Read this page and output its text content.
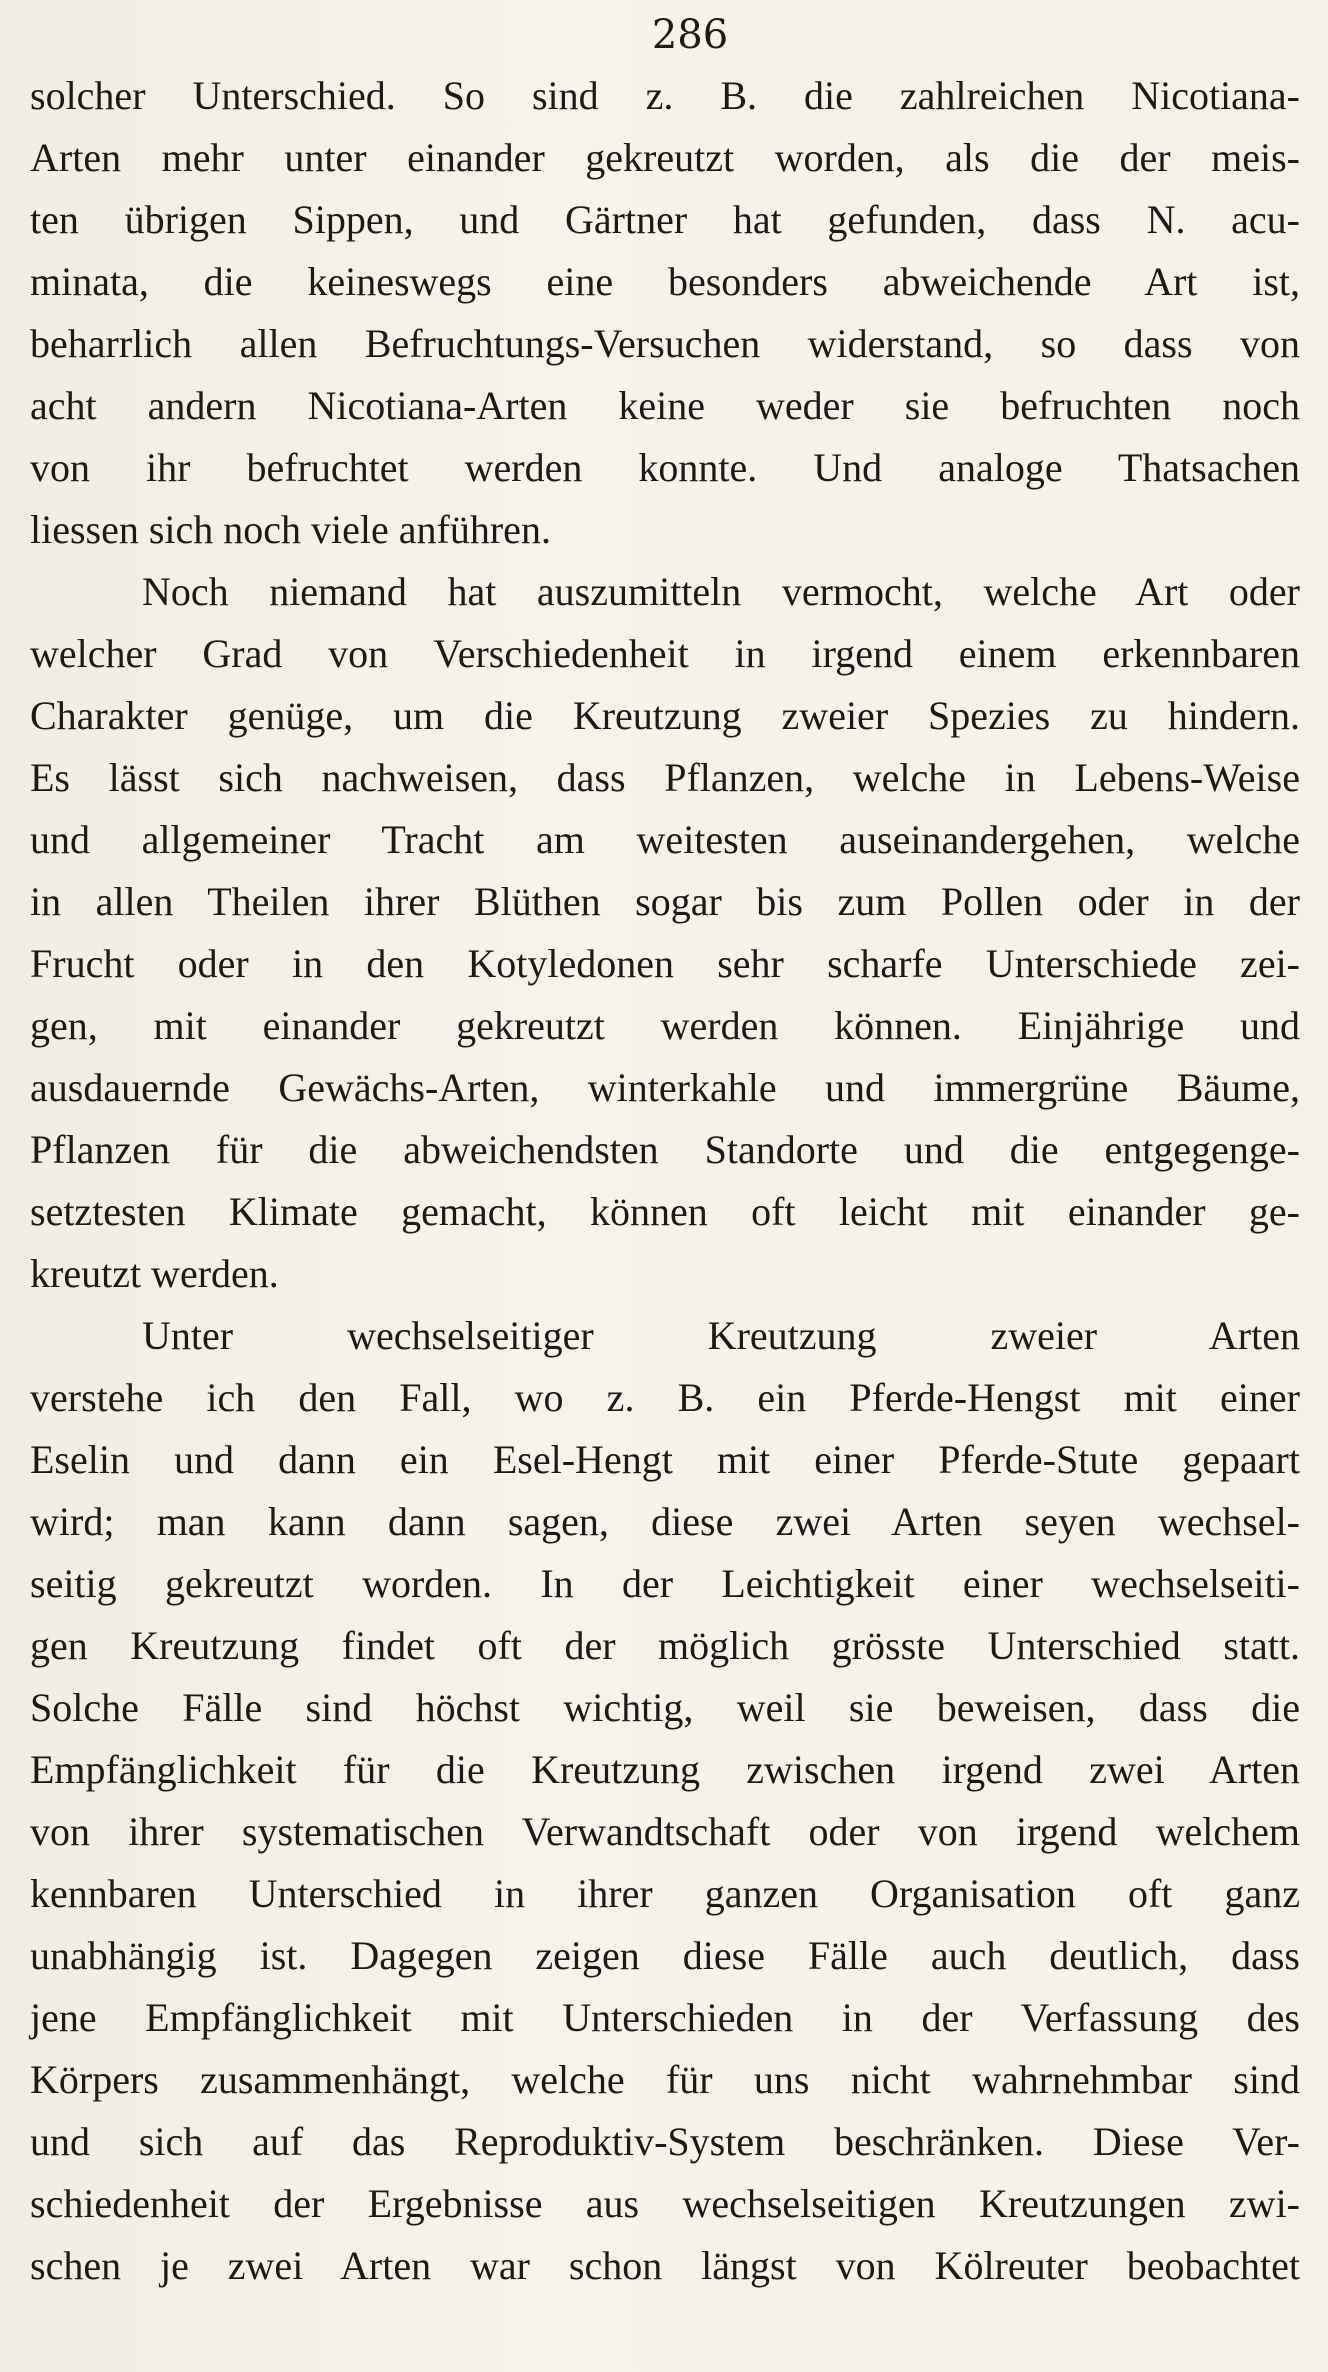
286
solcher Unterschied. So sind z. B. die zahlreichen Nicotiana-
Arten mehr unter einander gekreutzt worden, als die der meis-
ten übrigen Sippen, und Gärtner hat gefunden, dass N. acu-
minata, die keineswegs eine besonders abweichende Art ist,
beharrlich allen Befruchtungs-Versuchen widerstand, so dass von
acht andern Nicotiana-Arten keine weder sie befruchten noch
von ihr befruchtet werden konnte. Und analoge Thatsachen
liessen sich noch viele anführen.
Noch niemand hat auszumitteln vermocht, welche Art oder
welcher Grad von Verschiedenheit in irgend einem erkennbaren
Charakter genüge, um die Kreutzung zweier Spezies zu hindern.
Es lässt sich nachweisen, dass Pflanzen, welche in Lebens-Weise
und allgemeiner Tracht am weitesten auseinandergehen, welche
in allen Theilen ihrer Blüthen sogar bis zum Pollen oder in der
Frucht oder in den Kotyledonen sehr scharfe Unterschiede zei-
gen, mit einander gekreutzt werden können. Einjährige und
ausdauernde Gewächs-Arten, winterkahle und immergrüne Bäume,
Pflanzen für die abweichendsten Standorte und die entgegenge-
setztesten Klimate gemacht, können oft leicht mit einander ge-
kreutzt werden.
Unter wechselseitiger Kreutzung zweier Arten
verstehe ich den Fall, wo z. B. ein Pferde-Hengst mit einer
Eselin und dann ein Esel-Hengt mit einer Pferde-Stute gepaart
wird; man kann dann sagen, diese zwei Arten seyen wechsel-
seitig gekreutzt worden. In der Leichtigkeit einer wechselseiti-
gen Kreutzung findet oft der möglich grösste Unterschied statt.
Solche Fälle sind höchst wichtig, weil sie beweisen, dass die
Empfänglichkeit für die Kreutzung zwischen irgend zwei Arten
von ihrer systematischen Verwandtschaft oder von irgend welchem
kennbaren Unterschied in ihrer ganzen Organisation oft ganz
unabhängig ist. Dagegen zeigen diese Fälle auch deutlich, dass
jene Empfänglichkeit mit Unterschieden in der Verfassung des
Körpers zusammenhängt, welche für uns nicht wahrnehmbar sind
und sich auf das Reproduktiv-System beschränken. Diese Ver-
schiedenheit der Ergebnisse aus wechselseitigen Kreutzungen zwi-
schen je zwei Arten war schon längst von Kölreuter beobachtet
